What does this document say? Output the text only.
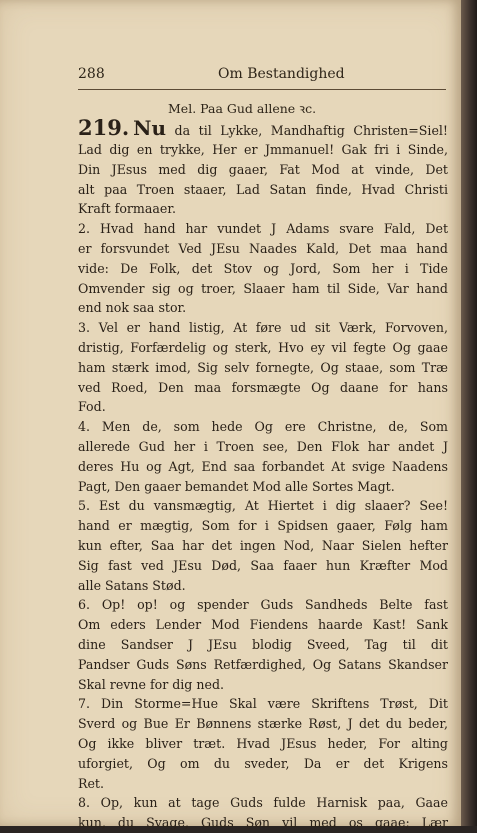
288	Om Bestandighed
Mel. Paa Gud allene ꝛc.
219. Nu da til Lykke, Mandhaftig Christen=Siel!
Lad dig en trykke, Her er Jmmanuel! Gak fri i Sinde,
Din JEsus med dig gaaer, Fat Mod at vinde, Det
alt paa Troen staaer, Lad Satan finde, Hvad Christi
Kraft formaaer.
2. Hvad hand har vundet J Adams svare Fald, Det
er forsvundet Ved JEsu Naades Kald, Det maa hand
vide: De Folk, det Stov og Jord, Som her i Tide
Omvender sig og troer, Slaaer ham til Side, Var hand
end nok saa stor.
3. Vel er hand listig, At føre ud sit Værk, Forvoven,
dristig, Forfærdelig og sterk, Hvo ey vil fegte Og gaae
ham stærk imod, Sig selv fornegte, Og staae, som Træ
ved Roed, Den maa forsmægte Og daane for hans
Fod.
4. Men de, som hede Og ere Christne, de, Som
allerede Gud her i Troen see, Den Flok har andet J
deres Hu og Agt, End saa forbandet At svige Naadens
Pagt, Den gaaer bemandet Mod alle Sortes Magt.
5. Est du vansmægtig, At Hiertet i dig slaaer? See!
hand er mægtig, Som for i Spidsen gaaer, Følg ham
kun efter, Saa har det ingen Nod, Naar Sielen hefter
Sig fast ved JEsu Død, Saa faaer hun Kræfter Mod
alle Satans Stød.
6. Op! op! og spender Guds Sandheds Belte fast
Om eders Lender Mod Fiendens haarde Kast! Sank
dine Sandser J JEsu blodig Sveed, Tag til dit
Pandser Guds Søns Retfærdighed, Og Satans Skandser
Skal revne for dig ned.
7. Din Storme=Hue Skal være Skriftens Trøst, Dit
Sverd og Bue Er Bønnens stærke Røst, J det du beder,
Og ikke bliver træt. Hvad JEsus heder, For alting
uforgiet, Og om du sveder, Da er det Krigens
Ret.
8. Op, kun at tage Guds fulde Harnisk paa, Gaae
kun, du Svage, Guds Søn vil med os gaae; Lær
